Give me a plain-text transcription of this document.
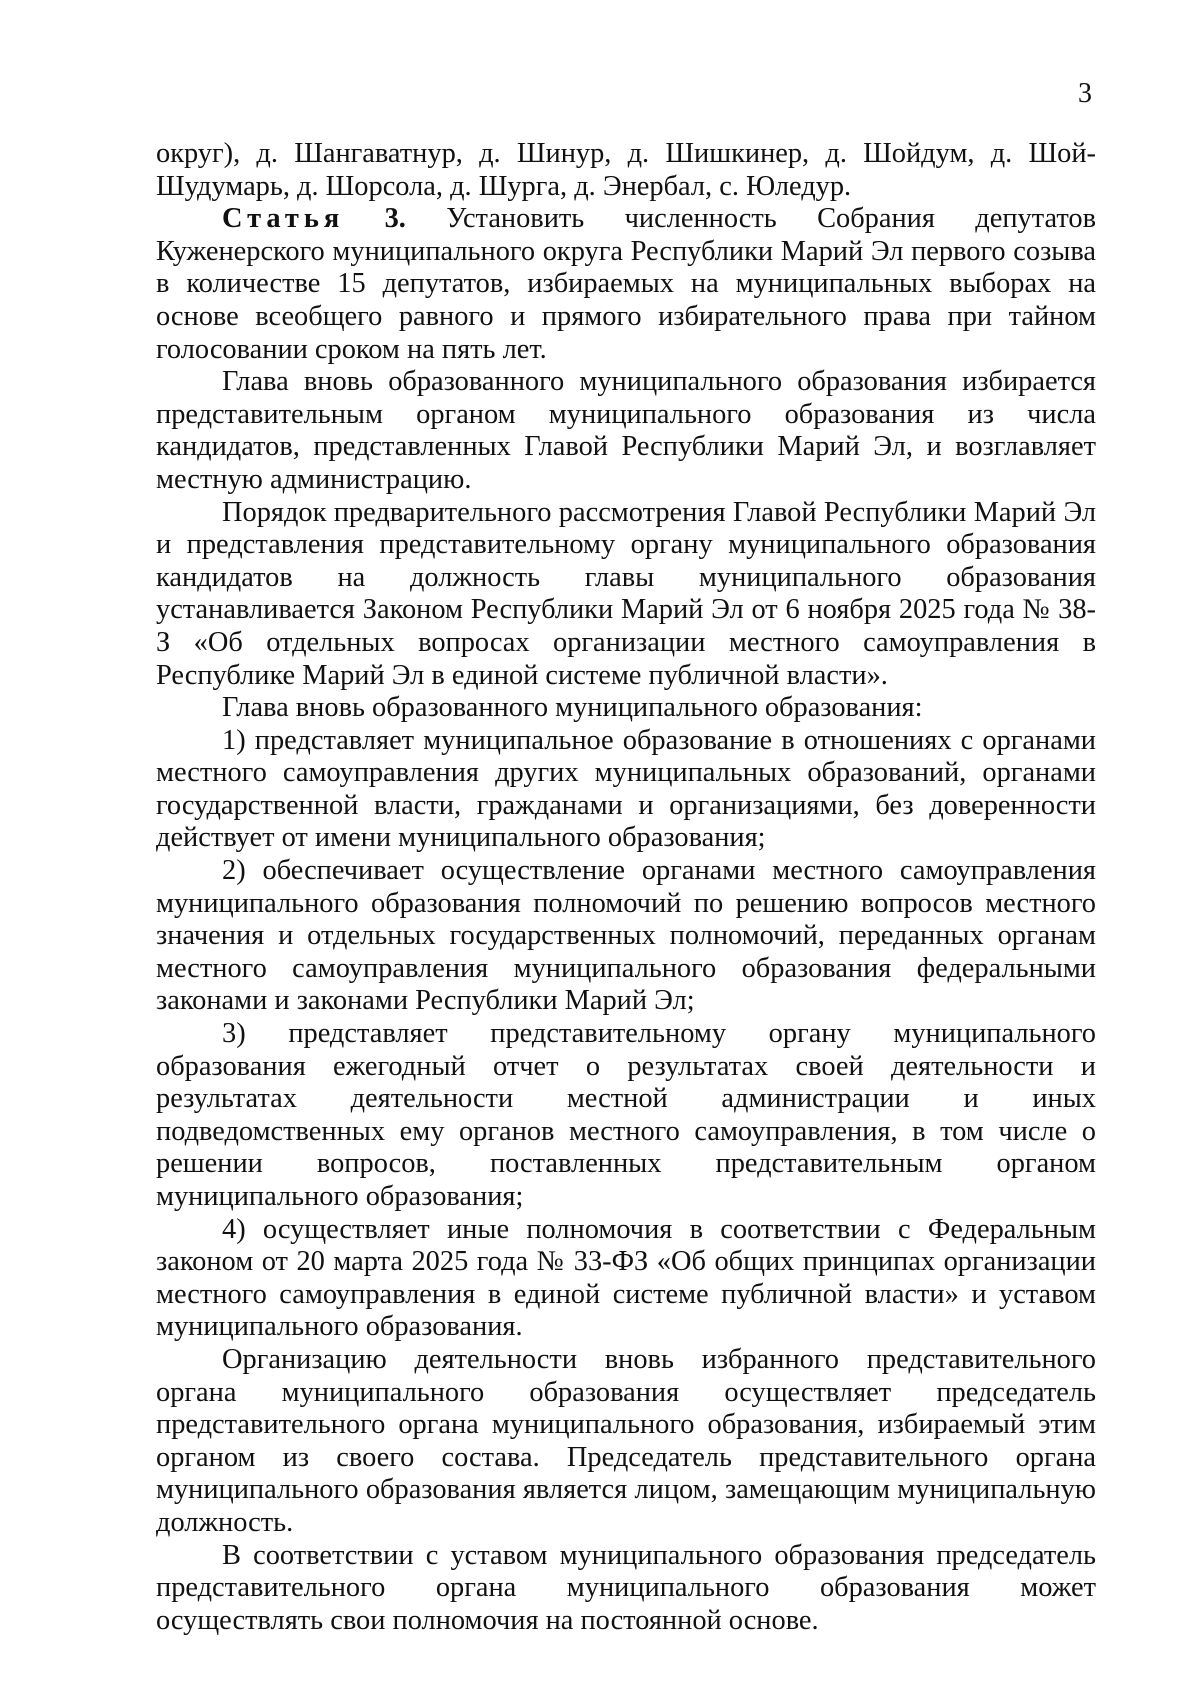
3

округ), д. Шангаватнур, д. Шинур, д. Шишкинер, д. Шойдум, д. Шой-Шудумарь, д. Шорсола, д. Шурга, д. Энербал, с. Юледур.

Статья 3. Установить численность Собрания депутатов Куженерского муниципального округа Республики Марий Эл первого созыва в количестве 15 депутатов, избираемых на муниципальных выборах на основе всеобщего равного и прямого избирательного права при тайном голосовании сроком на пять лет.

Глава вновь образованного муниципального образования избирается представительным органом муниципального образования из числа кандидатов, представленных Главой Республики Марий Эл, и возглавляет местную администрацию.

Порядок предварительного рассмотрения Главой Республики Марий Эл и представления представительному органу муниципального образования кандидатов на должность главы муниципального образования устанавливается Законом Республики Марий Эл от 6 ноября 2025 года № 38-З «Об отдельных вопросах организации местного самоуправления в Республике Марий Эл в единой системе публичной власти».

Глава вновь образованного муниципального образования:

1) представляет муниципальное образование в отношениях с органами местного самоуправления других муниципальных образований, органами государственной власти, гражданами и организациями, без доверенности действует от имени муниципального образования;

2) обеспечивает осуществление органами местного самоуправления муниципального образования полномочий по решению вопросов местного значения и отдельных государственных полномочий, переданных органам местного самоуправления муниципального образования федеральными законами и законами Республики Марий Эл;

3) представляет представительному органу муниципального образования ежегодный отчет о результатах своей деятельности и результатах деятельности местной администрации и иных подведомственных ему органов местного самоуправления, в том числе о решении вопросов, поставленных представительным органом муниципального образования;

4) осуществляет иные полномочия в соответствии с Федеральным законом от 20 марта 2025 года № 33-ФЗ «Об общих принципах организации местного самоуправления в единой системе публичной власти» и уставом муниципального образования.

Организацию деятельности вновь избранного представительного органа муниципального образования осуществляет председатель представительного органа муниципального образования, избираемый этим органом из своего состава. Председатель представительного органа муниципального образования является лицом, замещающим муниципальную должность.

В соответствии с уставом муниципального образования председатель представительного органа муниципального образования может осуществлять свои полномочия на постоянной основе.
